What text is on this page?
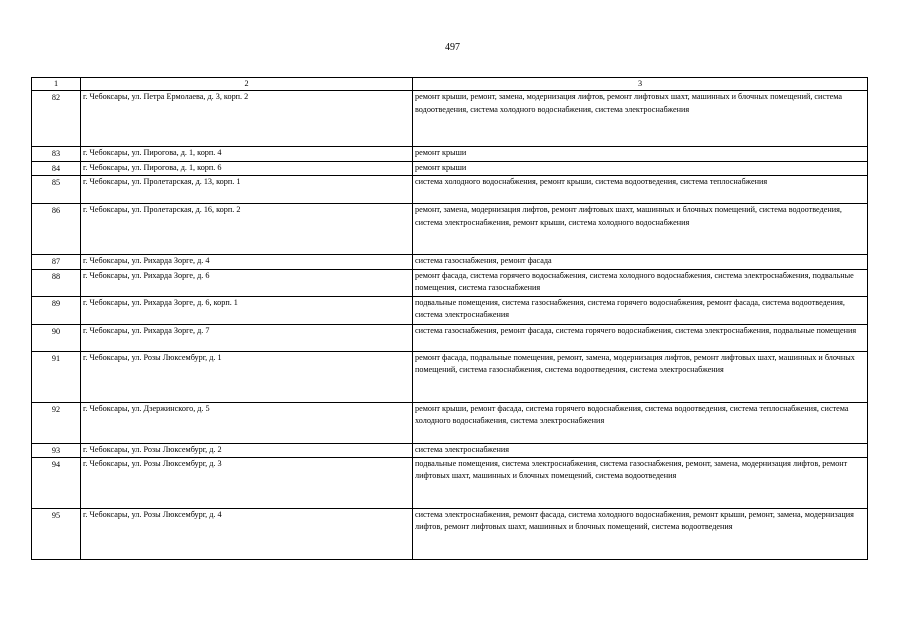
497
1	2	3
82	г. Чебоксары, ул. Петра Ермолаева, д. 3, корп. 2	ремонт крыши, ремонт, замена, модернизация лифтов, ремонт лифтовых шахт, машинных и блочных помещений, система водоотведения, система холодного водоснабжения, система электроснабжения
83	г. Чебоксары, ул. Пирогова, д. 1, корп. 4	ремонт крыши
84	г. Чебоксары, ул. Пирогова, д. 1, корп. 6	ремонт крыши
85	г. Чебоксары, ул. Пролетарская, д. 13, корп. 1	система холодного водоснабжения, ремонт крыши, система водоотведения, система теплоснабжения
86	г. Чебоксары, ул. Пролетарская, д. 16, корп. 2	ремонт, замена, модернизация лифтов, ремонт лифтовых шахт, машинных и блочных помещений, система водоотведения, система электроснабжения, ремонт крыши, система холодного водоснабжения
87	г. Чебоксары, ул. Рихарда Зорге, д. 4	система газоснабжения, ремонт фасада
88	г. Чебоксары, ул. Рихарда Зорге, д. 6	ремонт фасада, система горячего водоснабжения, система холодного водоснабжения, система электроснабжения, подвальные помещения, система газоснабжения
89	г. Чебоксары, ул. Рихарда Зорге, д. 6, корп. 1	подвальные помещения, система газоснабжения, система горячего водоснабжения, ремонт фасада, система водоотведения, система электроснабжения
90	г. Чебоксары, ул. Рихарда Зорге, д. 7	система газоснабжения, ремонт фасада, система горячего водоснабжения, система электроснабжения, подвальные помещения
91	г. Чебоксары, ул. Розы Люксембург, д. 1	ремонт фасада, подвальные помещения, ремонт, замена, модернизация лифтов, ремонт лифтовых шахт, машинных и блочных помещений, система газоснабжения, система водоотведения, система электроснабжения
92	г. Чебоксары, ул. Дзержинского, д. 5	ремонт крыши, ремонт фасада, система горячего водоснабжения, система водоотведения, система теплоснабжения, система холодного водоснабжения, система электроснабжения
93	г. Чебоксары, ул. Розы Люксембург, д. 2	система электроснабжения
94	г. Чебоксары, ул. Розы Люксембург, д. 3	подвальные помещения, система электроснабжения, система газоснабжения, ремонт, замена, модернизация лифтов, ремонт лифтовых шахт, машинных и блочных помещений, система водоотведения
95	г. Чебоксары, ул. Розы Люксембург, д. 4	система электроснабжения, ремонт фасада, система холодного водоснабжения, ремонт крыши, ремонт, замена, модернизация лифтов, ремонт лифтовых шахт, машинных и блочных помещений, система водоотведения
